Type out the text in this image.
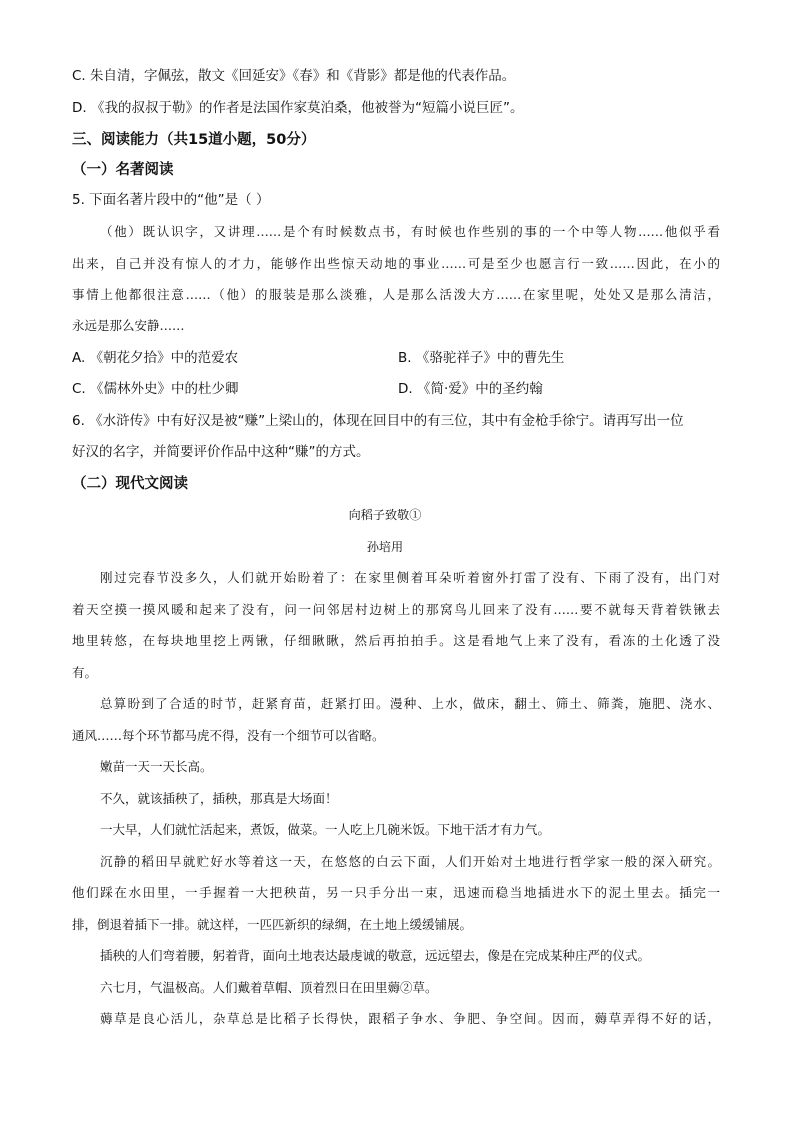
C. 朱自清，字佩弦，散文《回延安》《春》和《背影》都是他的代表作品。
D. 《我的叔叔于勒》的作者是法国作家莫泊桑，他被誉为“短篇小说巨匠”。
三、阅读能力（共15道小题，50分）
（一）名著阅读
5. 下面名著片段中的“他”是（ ）
（他）既认识字，又讲理……是个有时候数点书，有时候也作些别的事的一个中等人物……他似乎看
出来，自己并没有惊人的才力，能够作出些惊天动地的事业……可是至少也愿言行一致……因此，在小的
事情上他都很注意……（他）的服装是那么淡雅，人是那么活泼大方……在家里呢，处处又是那么清洁，
永远是那么安静……
A. 《朝花夕拾》中的范爱农	B. 《骆驼祥子》中的曹先生
C. 《儒林外史》中的杜少卿	D. 《简·爱》中的圣约翰
6. 《水浒传》中有好汉是被“赚”上梁山的，体现在回目中的有三位，其中有金枪手徐宁。请再写出一位
好汉的名字，并简要评价作品中这种“赚”的方式。
（二）现代文阅读
向稻子致敬①
孙培用
刚过完春节没多久，人们就开始盼着了：在家里侧着耳朵听着窗外打雷了没有、下雨了没有，出门对
着天空摸一摸风暖和起来了没有，问一问邻居村边树上的那窝鸟儿回来了没有……要不就每天背着铁锹去
地里转悠，在每块地里挖上两锹，仔细瞅瞅，然后再拍拍手。这是看地气上来了没有，看冻的土化透了没
有。
总算盼到了合适的时节，赶紧育苗，赶紧打田。漫种、上水，做床，翻土、筛土、筛粪，施肥、浇水、
通风……每个环节都马虎不得，没有一个细节可以省略。
嫩苗一天一天长高。
不久，就该插秧了，插秧，那真是大场面！
一大早，人们就忙活起来，煮饭，做菜。一人吃上几碗米饭。下地干活才有力气。
沉静的稻田早就贮好水等着这一天，在悠悠的白云下面，人们开始对土地进行哲学家一般的深入研究。
他们踩在水田里，一手握着一大把秧苗，另一只手分出一束，迅速而稳当地插进水下的泥土里去。插完一
排，倒退着插下一排。就这样，一匹匹新织的绿绸，在土地上缓缓铺展。
插秧的人们弯着腰，躬着背，面向土地表达最虔诚的敬意，远远望去，像是在完成某种庄严的仪式。
六七月，气温极高。人们戴着草帽、顶着烈日在田里薅②草。
薅草是良心活儿，杂草总是比稻子长得快，跟稻子争水、争肥、争空间。因而，薅草弄得不好的话，
